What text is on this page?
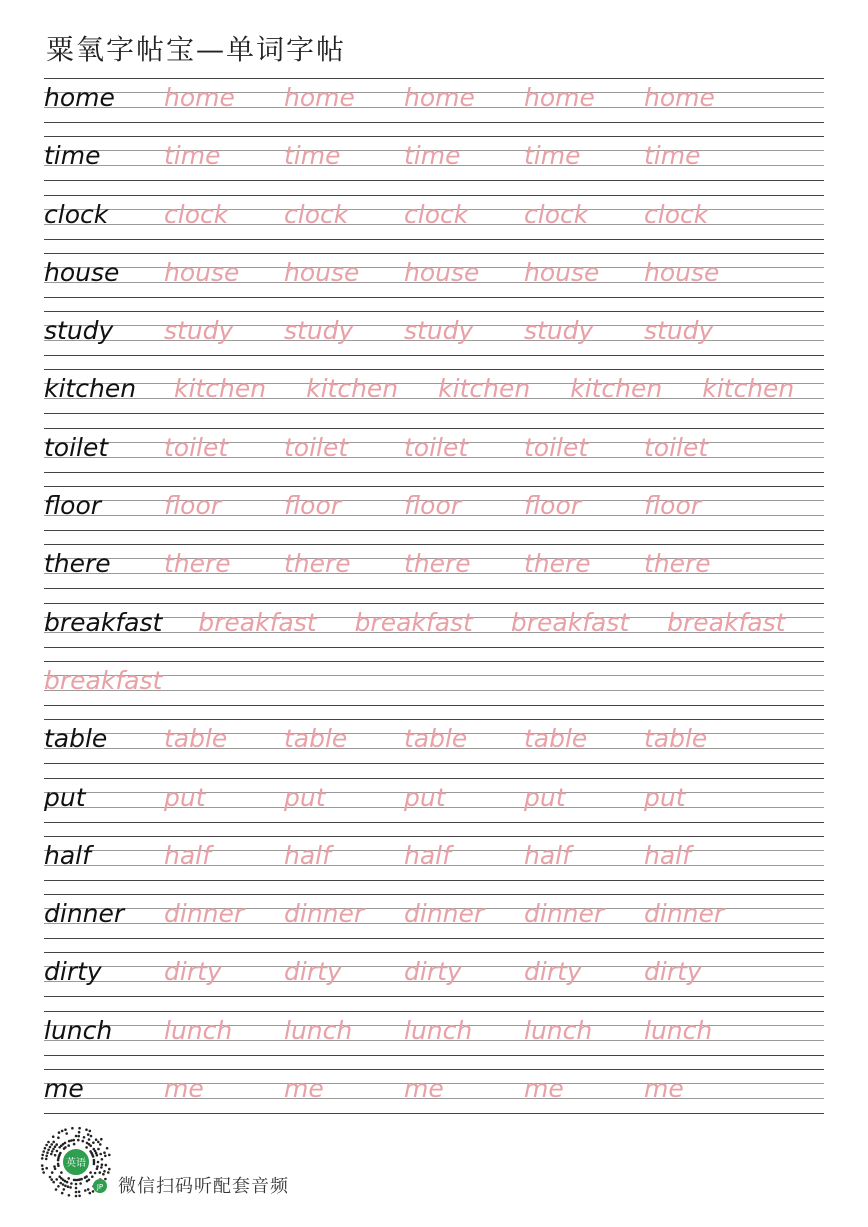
粟氧字帖宝—单词字帖
home home home home home home
time	time	time	time	time	time
clock clock clock clock clock clock
house house house house house house
study study study study study study
kitchen kitchen kitchen kitchen kitchen kitchen
toilet toilet toilet toilet toilet toilet
floor	floor	floor	floor	floor	floor
there there there there there there
breakfast breakfast breakfast breakfast breakfast
breakfast
table table table table table table
put	put	put	put	put	put
half	half	half	half	half	half
dinner dinner dinner dinner dinner dinner
dirty dirty dirty dirty dirty dirty
lunch lunch lunch lunch lunch lunch
me	me	me	me	me	me
英语
JP 微信扫码听配套音频
